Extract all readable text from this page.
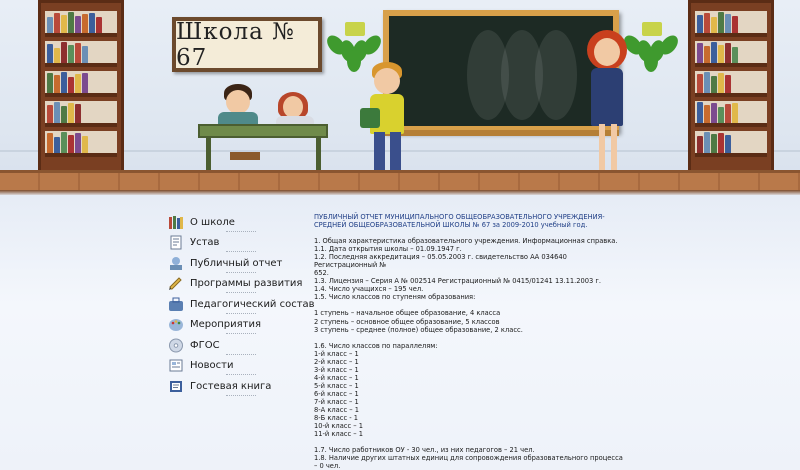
Школа № 67
О школе
Устав
Публичный отчет
Программы развития
Педагогический состав
Мероприятия
ФГОС
Новости
Гостевая книга

ПУБЛИЧНЫЙ ОТЧЕТ МУНИЦИПАЛЬНОГО ОБЩЕОБРАЗОВАТЕЛЬНОГО УЧРЕЖДЕНИЯ-

СРЕДНЕЙ ОБЩЕОБРАЗОВАТЕЛЬНОЙ ШКОЛЫ № 67 за 2009-2010 учебный год.

1. Общая характеристика образовательного учреждения. Информационная справка.

1.1. Дата открытия школы – 01.09.1947 г.

1.2. Последняя аккредитация – 05.05.2003 г. свидетельство АА 034640 Регистрационный №

652.

1.3. Лицензия – Серия А № 002514 Регистрационный № 0415/01241 13.11.2003 г.

1.4. Число учащихся – 195 чел.

1.5. Число классов по ступеням образования:

1 ступень – начальное общее образование, 4 класса

2 ступень – основное общее образование, 5 классов

3 ступень – среднее (полное) общее образование, 2 класс.

1.6. Число классов по параллелям:

1-й класс – 1

2-й класс – 1

3-й класс – 1

4-й класс – 1

5-й класс – 1

6-й класс – 1

7-й класс – 1

8-А класс – 1

8-Б класс - 1

10-й класс – 1

11-й класс – 1

1.7. Число работников ОУ - 30 чел., из них педагогов – 21 чел.

1.8. Наличие других штатных единиц для сопровождения образовательного процесса – 0 чел.
